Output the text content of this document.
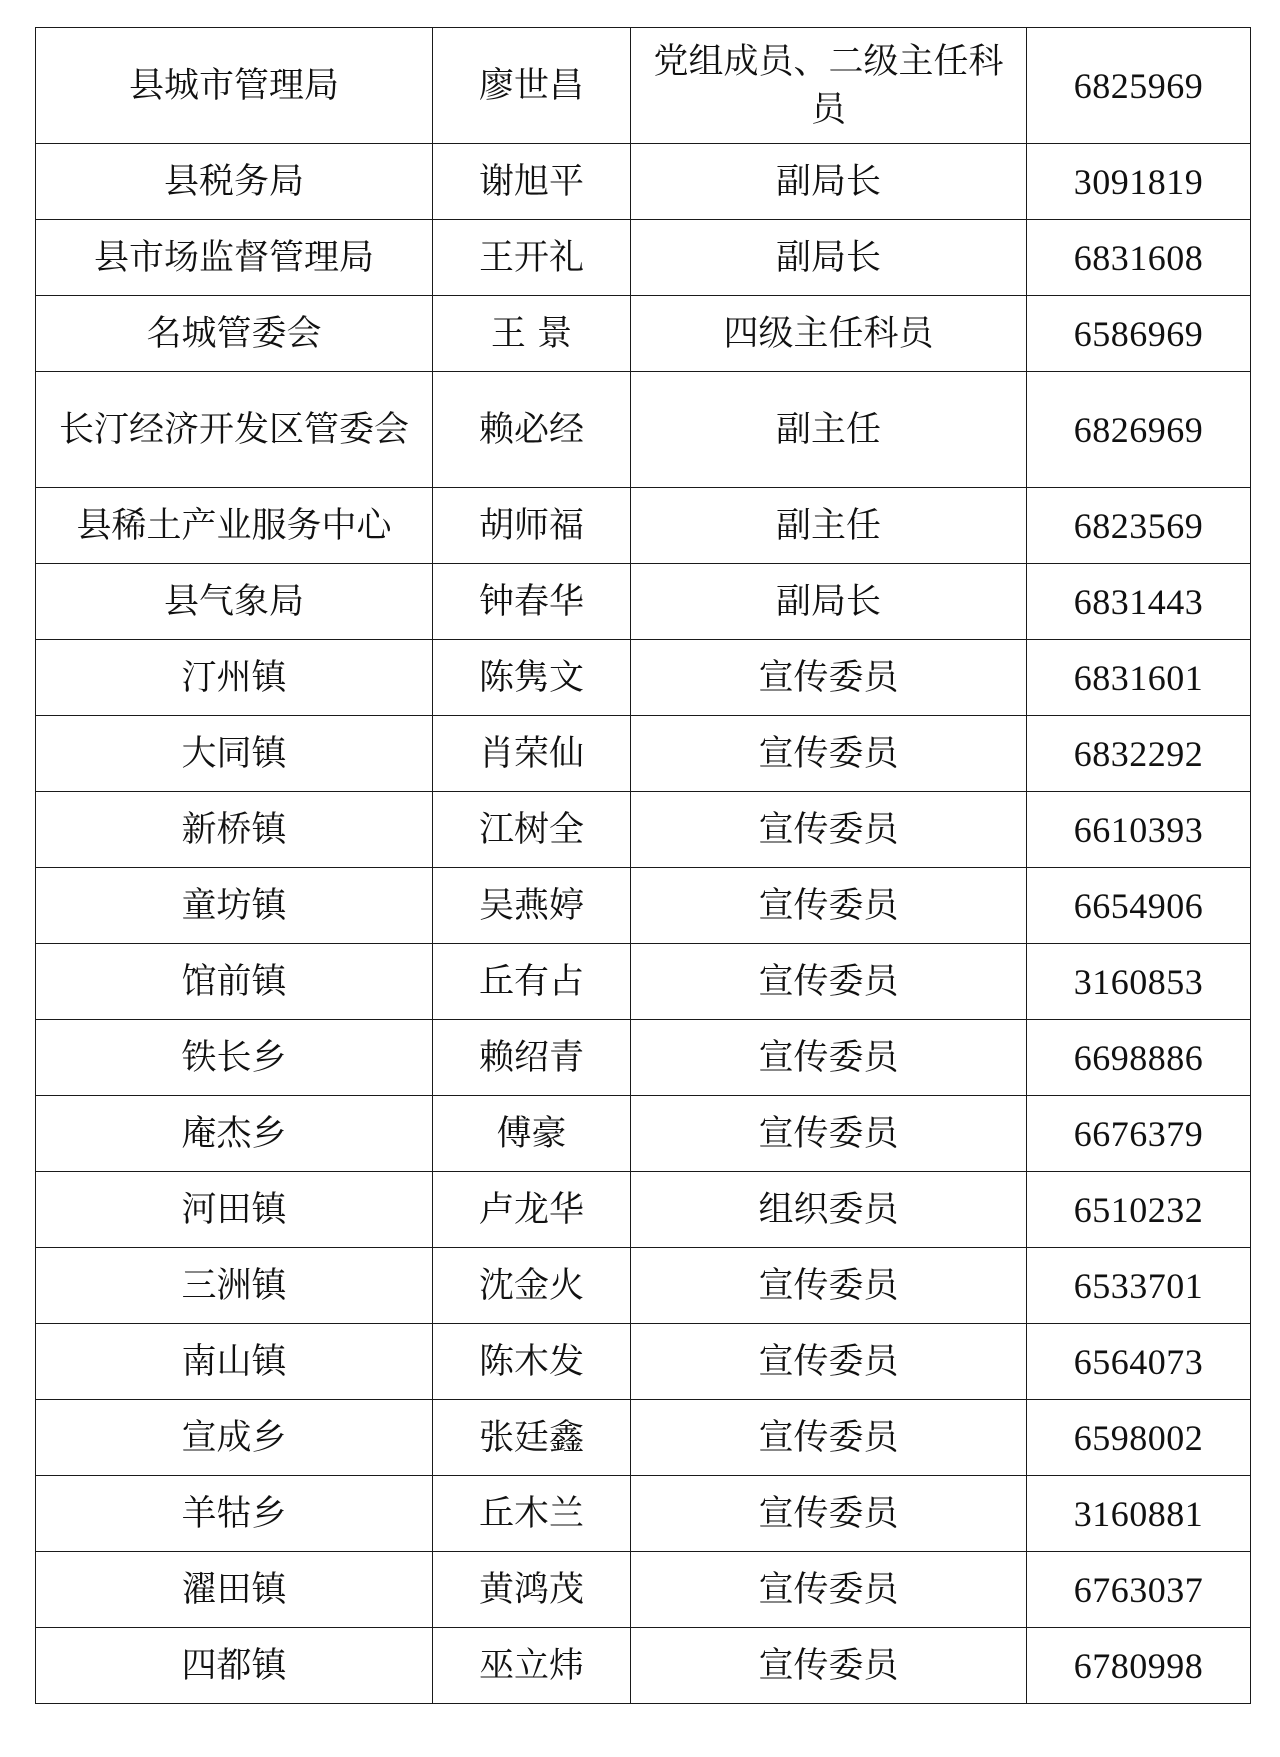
县城市管理局	廖世昌	党组成员、二级主任科员	6825969
县税务局	谢旭平	副局长	3091819
县市场监督管理局	王开礼	副局长	6831608
名城管委会	王 景	四级主任科员	6586969
长汀经济开发区管委会	赖必经	副主任	6826969
县稀土产业服务中心	胡师福	副主任	6823569
县气象局	钟春华	副局长	6831443
汀州镇	陈隽文	宣传委员	6831601
大同镇	肖荣仙	宣传委员	6832292
新桥镇	江树全	宣传委员	6610393
童坊镇	吴燕婷	宣传委员	6654906
馆前镇	丘有占	宣传委员	3160853
铁长乡	赖绍青	宣传委员	6698886
庵杰乡	傅豪	宣传委员	6676379
河田镇	卢龙华	组织委员	6510232
三洲镇	沈金火	宣传委员	6533701
南山镇	陈木发	宣传委员	6564073
宣成乡	张廷鑫	宣传委员	6598002
羊牯乡	丘木兰	宣传委员	3160881
濯田镇	黄鸿茂	宣传委员	6763037
四都镇	巫立炜	宣传委员	6780998
